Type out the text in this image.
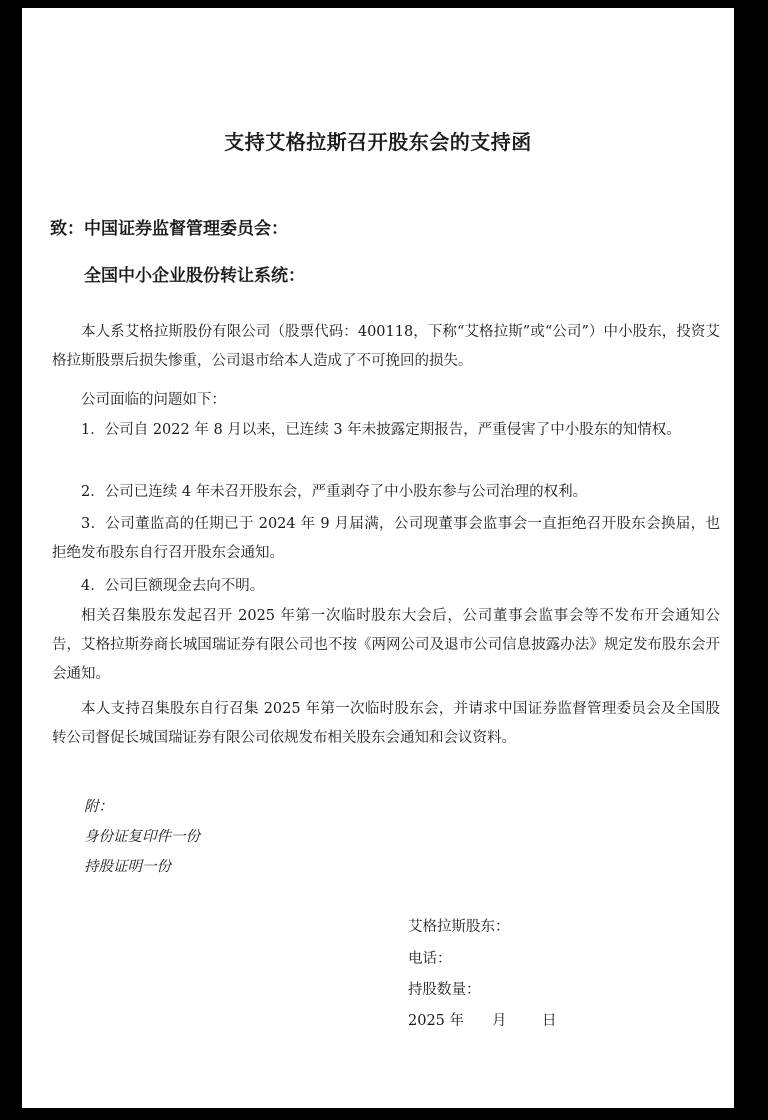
支持艾格拉斯召开股东会的支持函
致：中国证券监督管理委员会：
全国中小企业股份转让系统：
本人系艾格拉斯股份有限公司（股票代码：400118，下称“艾格拉斯”或“公司”）中小股东，投资艾格拉斯股票后损失惨重，公司退市给本人造成了不可挽回的损失。
公司面临的问题如下：
1．公司自 2022 年 8 月以来，已连续 3 年未披露定期报告，严重侵害了中小股东的知情权。
2．公司已连续 4 年未召开股东会，严重剥夺了中小股东参与公司治理的权利。
3．公司董监高的任期已于 2024 年 9 月届满，公司现董事会监事会一直拒绝召开股东会换届，也拒绝发布股东自行召开股东会通知。
4．公司巨额现金去向不明。
相关召集股东发起召开 2025 年第一次临时股东大会后，公司董事会监事会等不发布开会通知公告，艾格拉斯券商长城国瑞证券有限公司也不按《两网公司及退市公司信息披露办法》规定发布股东会开会通知。
本人支持召集股东自行召集 2025 年第一次临时股东会，并请求中国证券监督管理委员会及全国股转公司督促长城国瑞证券有限公司依规发布相关股东会通知和会议资料。
附：
身份证复印件一份
持股证明一份
艾格拉斯股东：
电话：
持股数量：
2025 年 月 日
